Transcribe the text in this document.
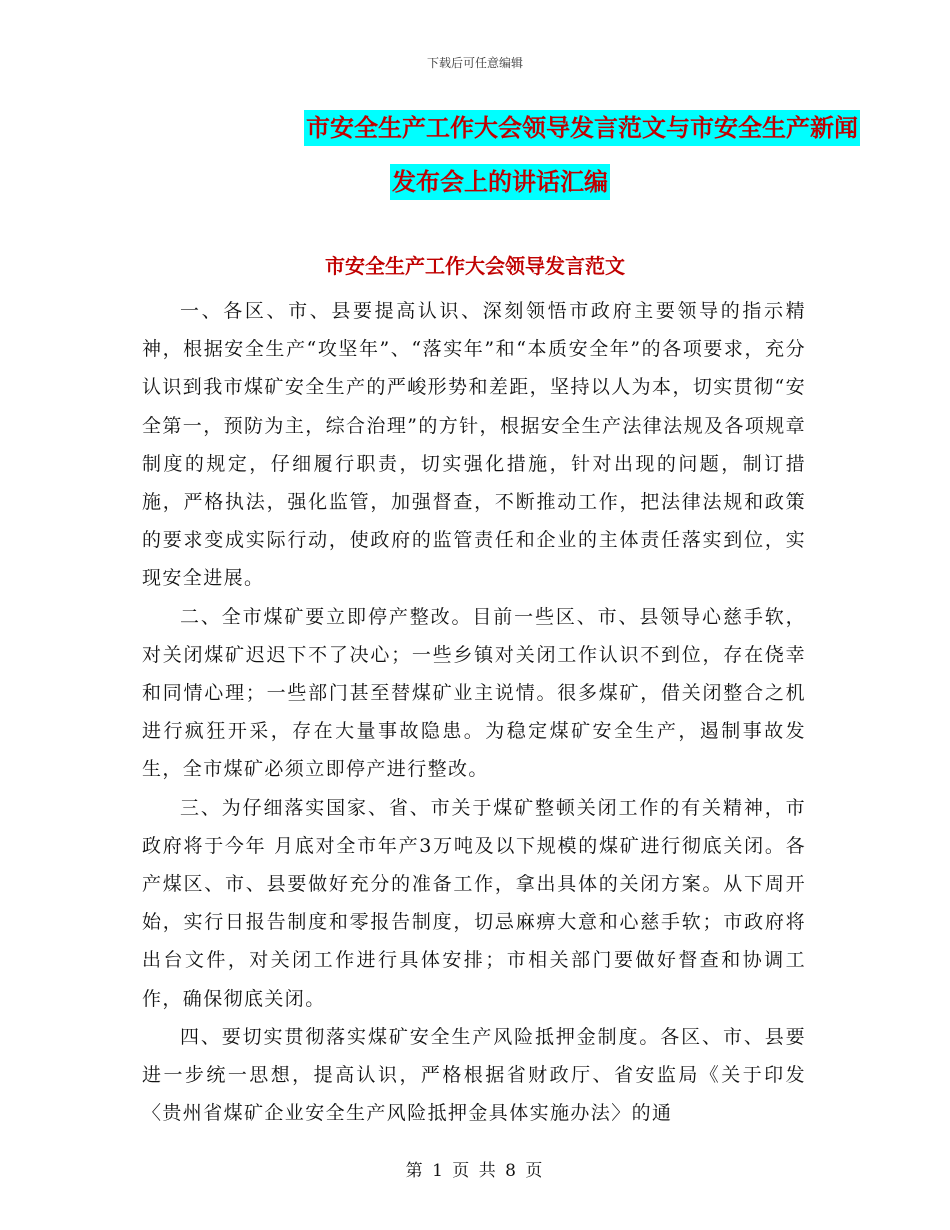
下载后可任意编辑
市安全生产工作大会领导发言范文与市安全生产新闻
发布会上的讲话汇编
市安全生产工作大会领导发言范文

一、各区、市、县要提高认识、深刻领悟市政府主要领导的指示精神，根据安全生产“攻坚年”、“落实年”和“本质安全年”的各项要求，充分认识到我市煤矿安全生产的严峻形势和差距，坚持以人为本，切实贯彻“安全第一，预防为主，综合治理”的方针，根据安全生产法律法规及各项规章制度的规定，仔细履行职责，切实强化措施，针对出现的问题，制订措施，严格执法，强化监管，加强督查，不断推动工作，把法律法规和政策的要求变成实际行动，使政府的监管责任和企业的主体责任落实到位，实现安全进展。

二、全市煤矿要立即停产整改。目前一些区、市、县领导心慈手软，对关闭煤矿迟迟下不了决心；一些乡镇对关闭工作认识不到位，存在侥幸和同情心理；一些部门甚至替煤矿业主说情。很多煤矿，借关闭整合之机进行疯狂开采，存在大量事故隐患。为稳定煤矿安全生产，遏制事故发生，全市煤矿必须立即停产进行整改。

三、为仔细落实国家、省、市关于煤矿整顿关闭工作的有关精神，市政府将于今年 月底对全市年产3万吨及以下规模的煤矿进行彻底关闭。各产煤区、市、县要做好充分的准备工作，拿出具体的关闭方案。从下周开始，实行日报告制度和零报告制度，切忌麻痹大意和心慈手软；市政府将出台文件，对关闭工作进行具体安排；市相关部门要做好督查和协调工作，确保彻底关闭。

四、要切实贯彻落实煤矿安全生产风险抵押金制度。各区、市、县要进一步统一思想，提高认识，严格根据省财政厅、省安监局《关于印发〈贵州省煤矿企业安全生产风险抵押金具体实施办法〉的通

第 1 页 共 8 页
